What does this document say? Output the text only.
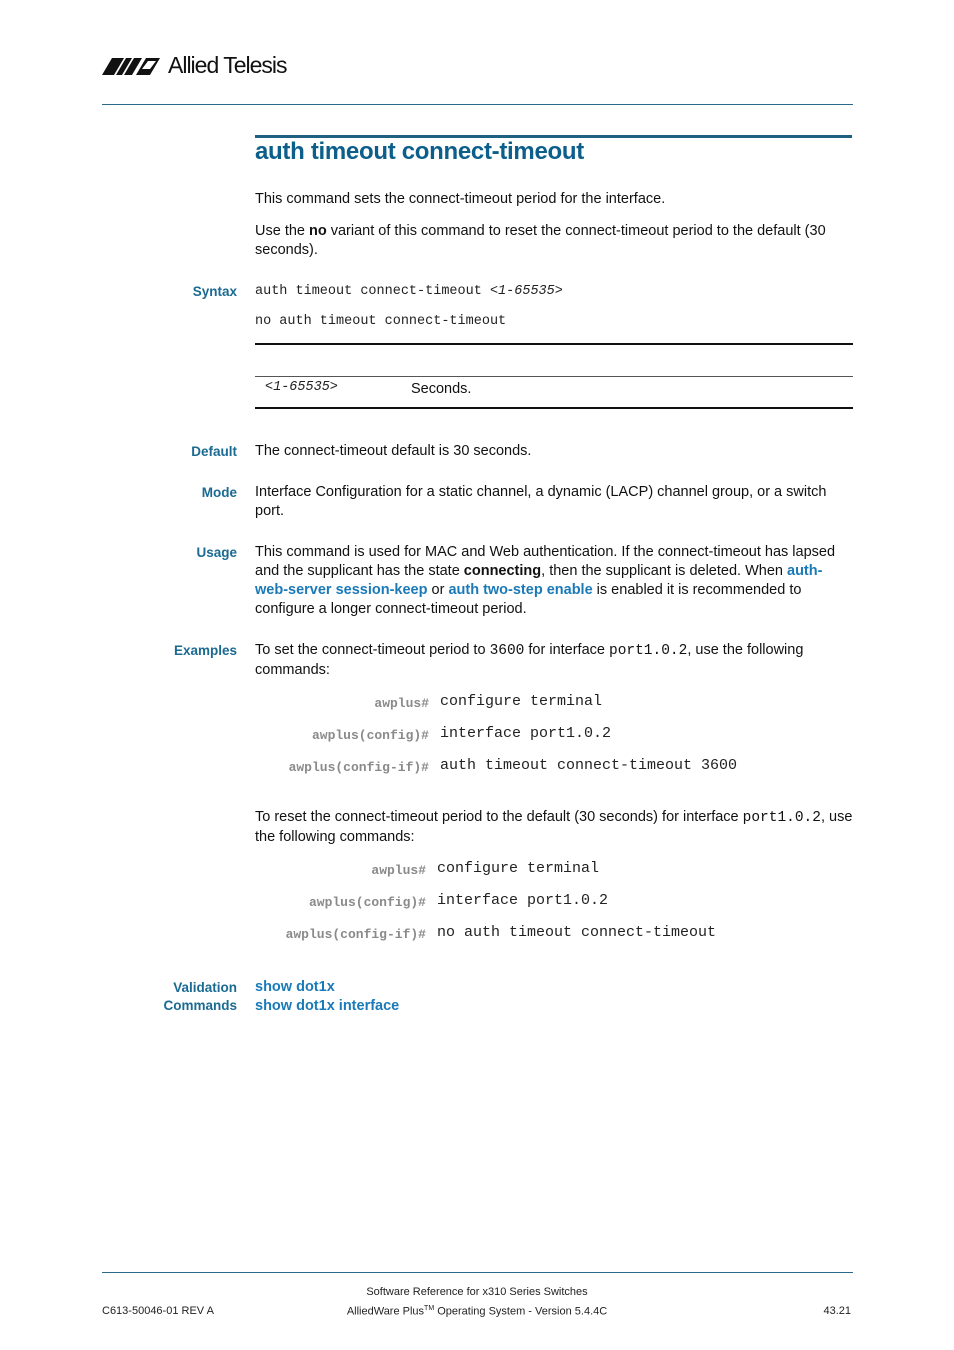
Allied Telesis
auth timeout connect-timeout
This command sets the connect-timeout period for the interface.
Use the no variant of this command to reset the connect-timeout period to the default (30 seconds).
Syntax auth timeout connect-timeout <1-65535>
no auth timeout connect-timeout
<1-65535>	Seconds.
Default The connect-timeout default is 30 seconds.
Mode Interface Configuration for a static channel, a dynamic (LACP) channel group, or a switch port.
Usage This command is used for MAC and Web authentication. If the connect-timeout has lapsed and the supplicant has the state connecting, then the supplicant is deleted. When auth-web-server session-keep or auth two-step enable is enabled it is recommended to configure a longer connect-timeout period.
Examples To set the connect-timeout period to 3600 for interface port1.0.2, use the following commands:
awplus# configure terminal
awplus(config)# interface port1.0.2
awplus(config-if)# auth timeout connect-timeout 3600
To reset the connect-timeout period to the default (30 seconds) for interface port1.0.2, use the following commands:
awplus# configure terminal
awplus(config)# interface port1.0.2
awplus(config-if)# no auth timeout connect-timeout
Validation
Commands
show dot1x
show dot1x interface
Software Reference for x310 Series Switches
AlliedWare Plus™ Operating System - Version 5.4.4C
C613-50046-01 REV A	43.21
